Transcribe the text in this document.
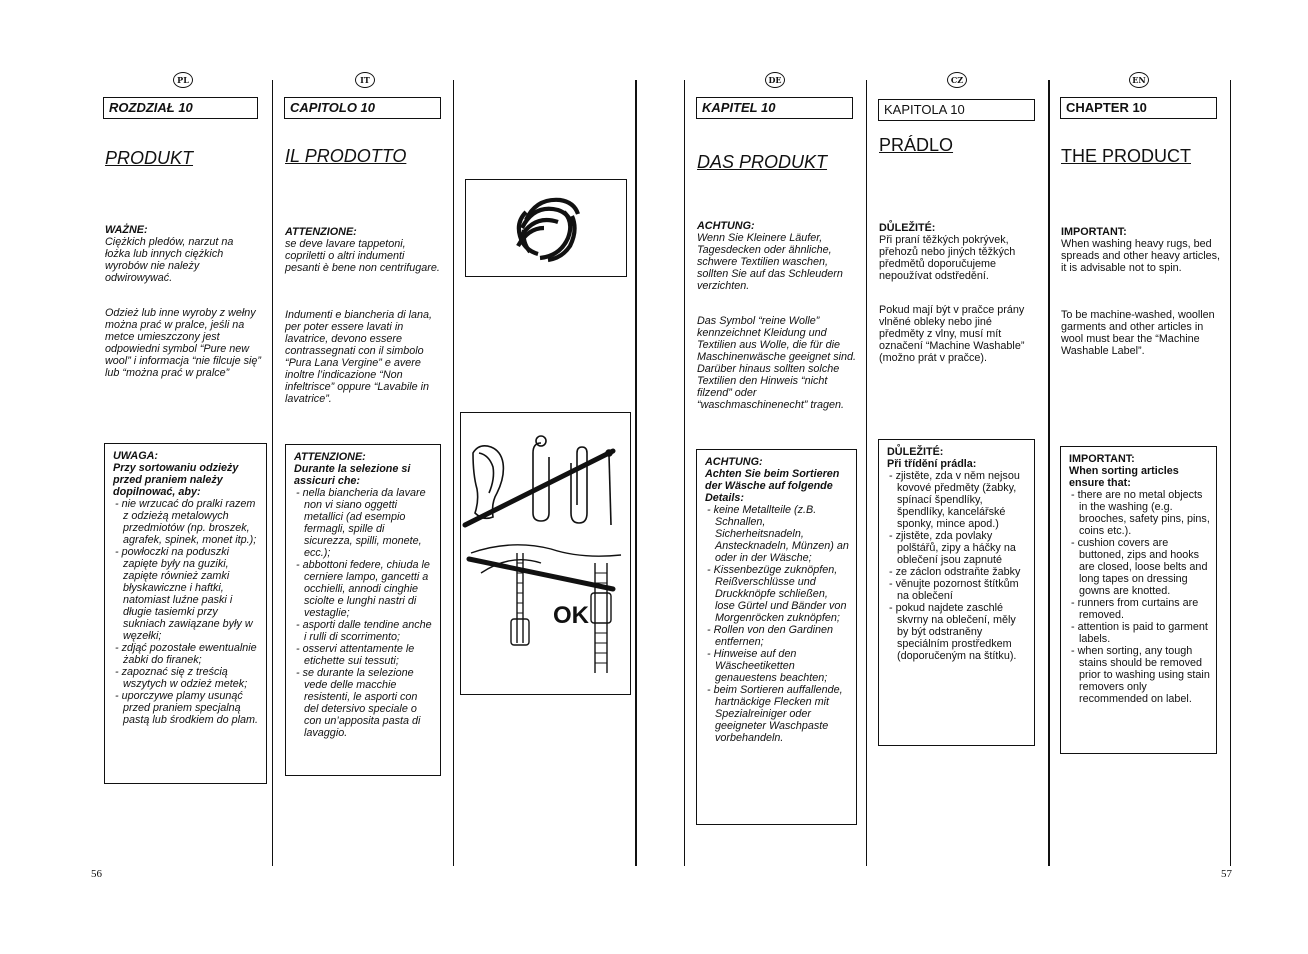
PL	IT	DE	CZ	EN
ROZDZIAŁ 10
PRODUKT
WAŻNE:
Ciężkich pledów, narzut na łożka lub innych ciężkich wyrobów nie należy odwirowywać.
Odzież lub inne wyroby z wełny można prać w pralce, jeśli na metce umieszczony jest odpowiedni symbol “Pure new wool” i informacja “nie filcuje się” lub “można prać w pralce”
UWAGA:
Przy sortowaniu odzieży przed praniem należy dopilnować, aby:
- nie wrzucać do pralki razem z odzieżą metalowych przedmiotów (np. broszek, agrafek, spinek, monet itp.);
- powłoczki na poduszki zapięte były na guziki, zapięte również zamki błyskawiczne i haftki, natomiast luźne paski i długie tasiemki przy sukniach zawiązane były w węzełki;
- zdjąć pozostałe ewentualnie żabki do firanek;
- zapoznać się z treścią wszytych w odzież metek;
- uporczywe plamy usunąć przed praniem specjalną pastą lub środkiem do plam.
CAPITOLO 10
IL PRODOTTO
ATTENZIONE:
se deve lavare tappetoni, copriletti o altri indumenti pesanti è bene non centrifugare.
Indumenti e biancheria di lana, per poter essere lavati in lavatrice, devono essere contrassegnati con il simbolo “Pura Lana Vergine” e avere inoltre l’indicazione “Non infeltrisce” oppure “Lavabile in lavatrice”.
ATTENZIONE:
Durante la selezione si assicuri che:
- nella biancheria da lavare non vi siano oggetti metallici (ad esempio fermagli, spille di sicurezza, spilli, monete, ecc.);
- abbottoni federe, chiuda le cerniere lampo, gancetti a occhielli, annodi cinghie sciolte e lunghi nastri di vestaglie;
- asporti dalle tendine anche i rulli di scorrimento;
- osservi attentamente le etichette sui tessuti;
- se durante la selezione vede delle macchie resistenti, le asporti con del detersivo speciale o con un’apposita pasta di lavaggio.
OK
KAPITEL 10
DAS PRODUKT
ACHTUNG:
Wenn Sie Kleinere Läufer, Tagesdecken oder ähnliche, schwere Textilien waschen, sollten Sie auf das Schleudern verzichten.
Das Symbol “reine Wolle” kennzeichnet Kleidung und Textilien aus Wolle, die für die Maschinenwäsche geeignet sind. Darüber hinaus sollten solche Textilien den Hinweis “nicht filzend” oder “waschmaschinenecht” tragen.
ACHTUNG:
Achten Sie beim Sortieren der Wäsche auf folgende Details:
- keine Metallteile (z.B. Schnallen, Sicherheitsnadeln, Anstecknadeln, Münzen) an oder in der Wäsche;
- Kissenbezüge zuknöpfen, Reißverschlüsse und Druckknöpfe schließen, lose Gürtel und Bänder von Morgenröcken zuknöpfen;
- Rollen von den Gardinen entfernen;
- Hinweise auf den Wäscheetiketten genauestens beachten;
- beim Sortieren auffallende, hartnäckige Flecken mit Spezialreiniger oder geeigneter Waschpaste vorbehandeln.
KAPITOLA 10
PRÁDLO
DŮLEŽITÉ:
Při praní těžkých pokrývek, přehozů nebo jiných těžkých předmětů doporučujeme nepoužívat odstředění.
Pokud mají být v pračce prány vlněné obleky nebo jiné předměty z vlny, musí mít označení “Machine Washable” (možno prát v pračce).
DŮLEŽITÉ:
Při třídění prádla:
- zjistěte, zda v něm nejsou kovové předměty (žabky, spínací špendlíky, špendlíky, kancelářské sponky, mince apod.)
- zjistěte, zda povlaky polštářů, zipy a háčky na oblečení jsou zapnuté
- ze záclon odstraňte žabky
- věnujte pozornost štítkům na oblečení
- pokud najdete zaschlé skvrny na oblečení, měly by být odstraněny speciálním prostředkem (doporučeným na štítku).
CHAPTER 10
THE PRODUCT
IMPORTANT:
When washing heavy rugs, bed spreads and other heavy articles, it is advisable not to spin.
To be machine-washed, woollen garments and other articles in wool must bear the “Machine Washable Label”.
IMPORTANT:
When sorting articles ensure that:
- there are no metal objects in the washing (e.g. brooches, safety pins, pins, coins etc.).
- cushion covers are buttoned, zips and hooks are closed, loose belts and long tapes on dressing gowns are knotted.
- runners from curtains are removed.
- attention is paid to garment labels.
- when sorting, any tough stains should be removed prior to washing using stain removers only recommended on label.
56	57
